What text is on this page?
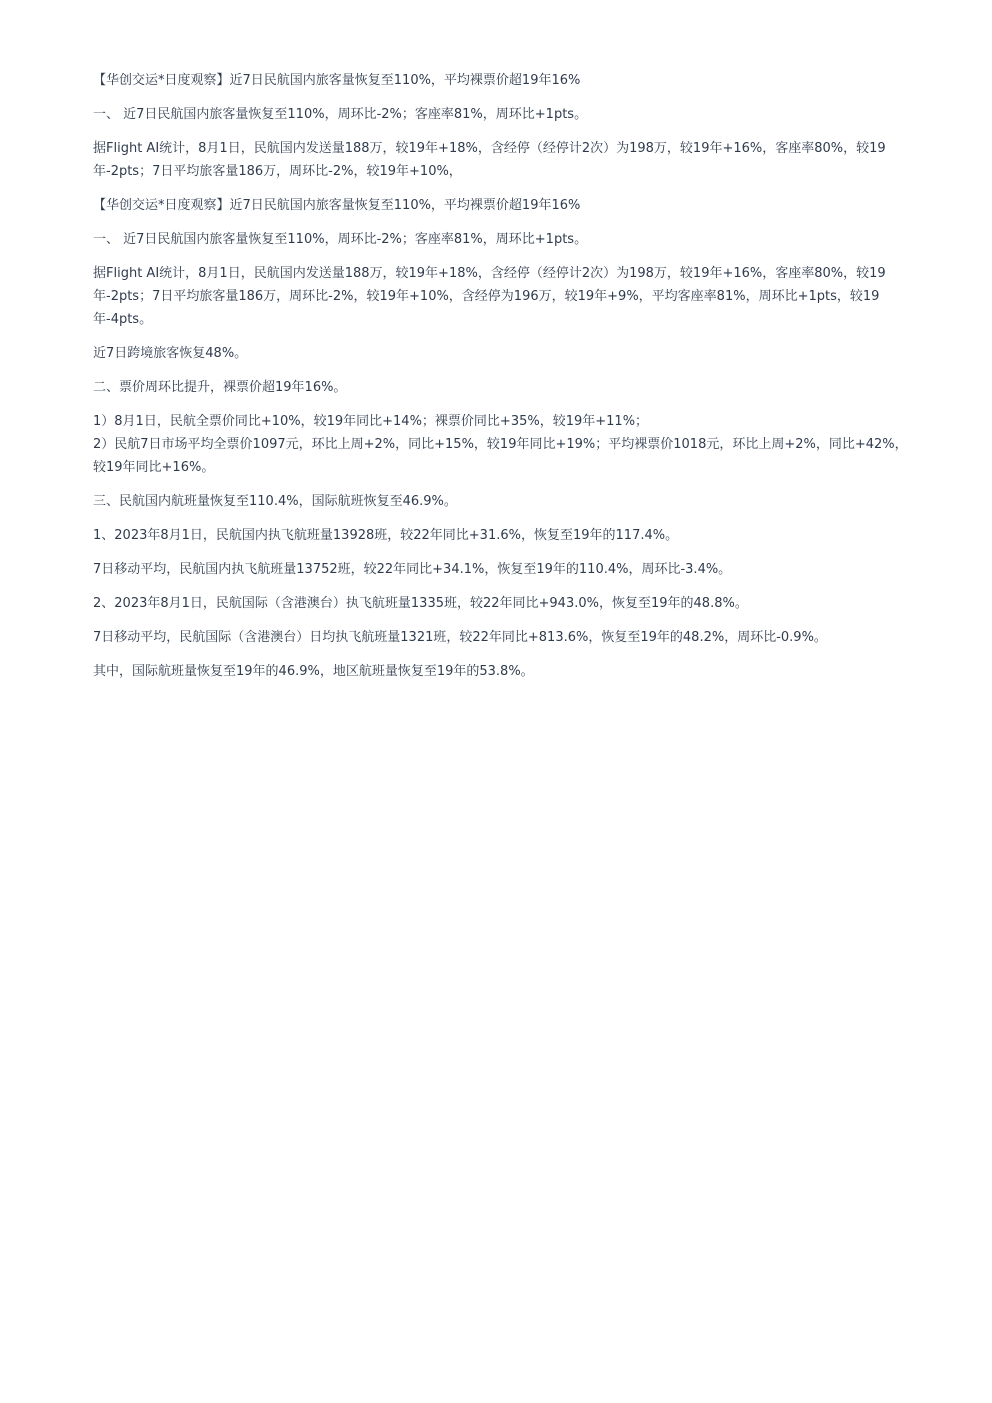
【华创交运*日度观察】近7日民航国内旅客量恢复至110%，平均裸票价超19年16%

一、 近7日民航国内旅客量恢复至110%，周环比-2%；客座率81%，周环比+1pts。

据Flight AI统计，8月1日，民航国内发送量188万，较19年+18%，含经停（经停计2次）为198万，较19年+16%，客座率80%，较19
年-2pts；7日平均旅客量186万，周环比-2%，较19年+10%，

【华创交运*日度观察】近7日民航国内旅客量恢复至110%，平均裸票价超19年16%

一、 近7日民航国内旅客量恢复至110%，周环比-2%；客座率81%，周环比+1pts。

据Flight AI统计，8月1日，民航国内发送量188万，较19年+18%，含经停（经停计2次）为198万，较19年+16%，客座率80%，较19
年-2pts；7日平均旅客量186万，周环比-2%，较19年+10%，含经停为196万，较19年+9%，平均客座率81%，周环比+1pts，较19
年-4pts。

近7日跨境旅客恢复48%。

二、票价周环比提升，裸票价超19年16%。

1）8月1日，民航全票价同比+10%，较19年同比+14%；裸票价同比+35%，较19年+11%；
2）民航7日市场平均全票价1097元，环比上周+2%，同比+15%，较19年同比+19%；平均裸票价1018元，环比上周+2%，同比+42%，
较19年同比+16%。

三、民航国内航班量恢复至110.4%，国际航班恢复至46.9%。

1、2023年8月1日，民航国内执飞航班量13928班，较22年同比+31.6%，恢复至19年的117.4%。

7日移动平均，民航国内执飞航班量13752班，较22年同比+34.1%，恢复至19年的110.4%，周环比-3.4%。

2、2023年8月1日，民航国际（含港澳台）执飞航班量1335班，较22年同比+943.0%，恢复至19年的48.8%。

7日移动平均，民航国际（含港澳台）日均执飞航班量1321班，较22年同比+813.6%，恢复至19年的48.2%，周环比-0.9%。

其中，国际航班量恢复至19年的46.9%，地区航班量恢复至19年的53.8%。
